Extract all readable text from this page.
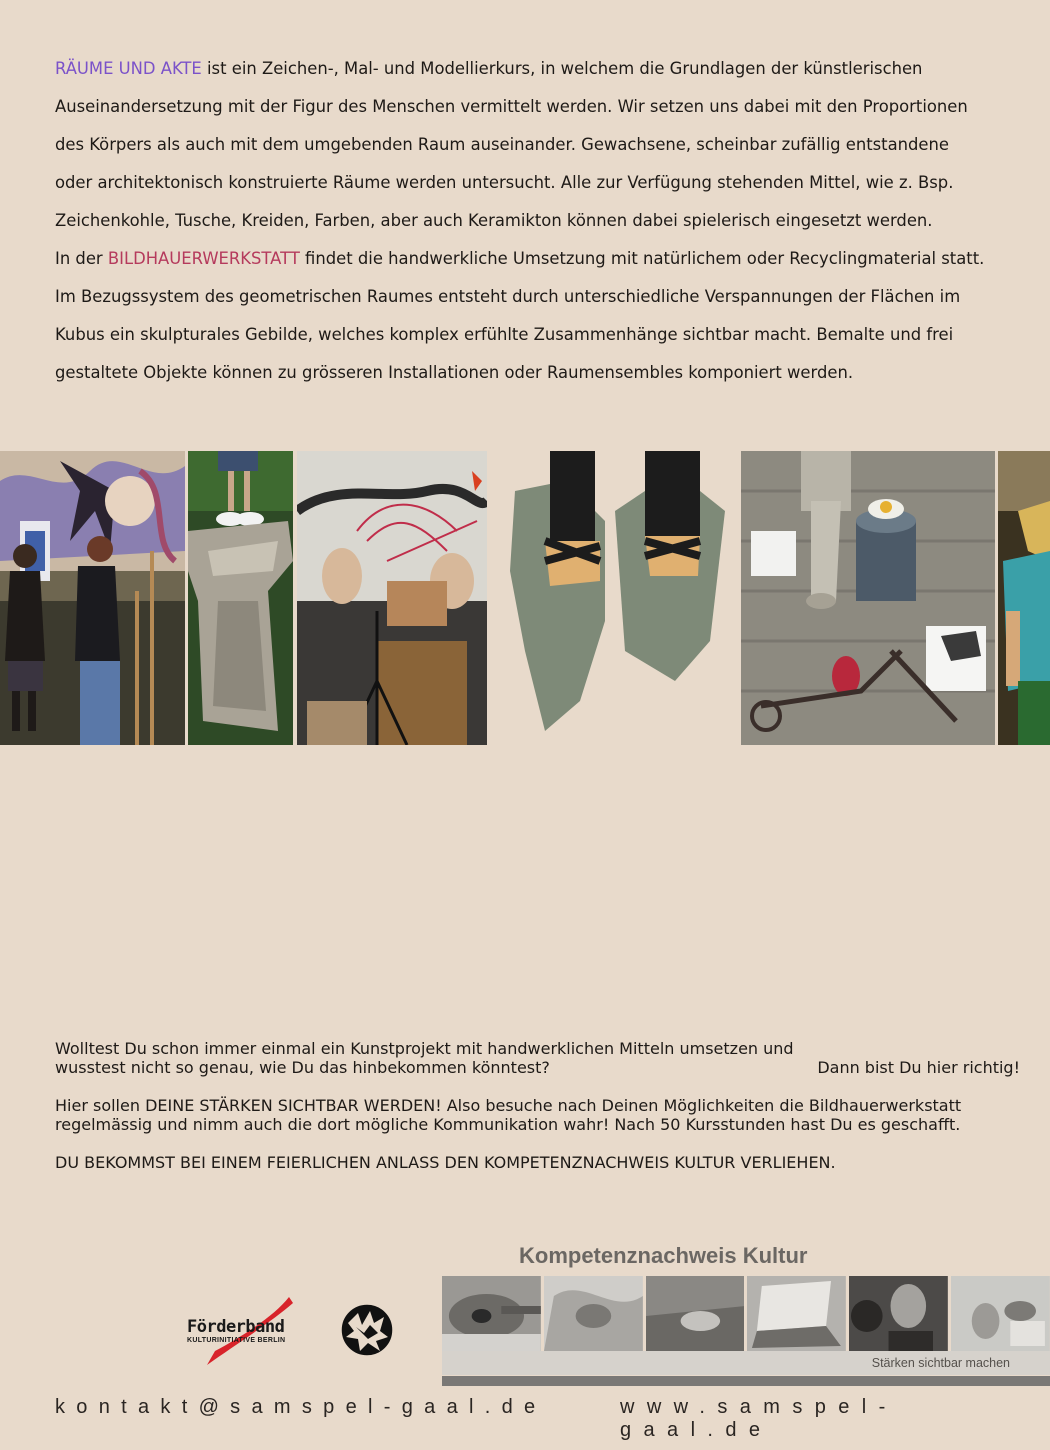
RÄUME UND AKTE ist ein Zeichen-, Mal- und Modellierkurs, in welchem die Grundlagen der künstlerischen
Auseinandersetzung mit der Figur des Menschen vermittelt werden. Wir setzen uns dabei mit den Proportionen
des Körpers als auch mit dem umgebenden Raum auseinander. Gewachsene, scheinbar zufällig entstandene
oder architektonisch konstruierte Räume werden untersucht. Alle zur Verfügung stehenden Mittel, wie z. Bsp.
Zeichenkohle, Tusche, Kreiden, Farben, aber auch Keramikton können dabei spielerisch eingesetzt werden.
In der BILDHAUERWERKSTATT findet die handwerkliche Umsetzung mit natürlichem oder Recyclingmaterial statt.
Im Bezugssystem des geometrischen Raumes entsteht durch unterschiedliche Verspannungen der Flächen im
Kubus ein skulpturales Gebilde, welches komplex erfühlte Zusammenhänge sichtbar macht. Bemalte und frei
gestaltete Objekte können zu grösseren Installationen oder Raumensembles komponiert werden.

Wolltest Du schon immer einmal ein Kunstprojekt mit handwerklichen Mitteln umsetzen und
wusstest nicht so genau, wie Du das hinbekommen könntest?	Dann bist Du hier richtig!

Hier sollen DEINE STÄRKEN SICHTBAR WERDEN! Also besuche nach Deinen Möglichkeiten die Bildhauerwerkstatt
regelmässig und nimm auch die dort mögliche Kommunikation wahr! Nach 50 Kursstunden hast Du es geschafft.

DU BEKOMMST BEI EINEM FEIERLICHEN ANLASS DEN KOMPETENZNACHWEIS KULTUR VERLIEHEN.

Kompetenznachweis Kultur
Stärken sichtbar machen
Förderband
KULTURINITIATIVE BERLIN
kontakt@samspel-gaal.de	www.samspel-gaal.de
